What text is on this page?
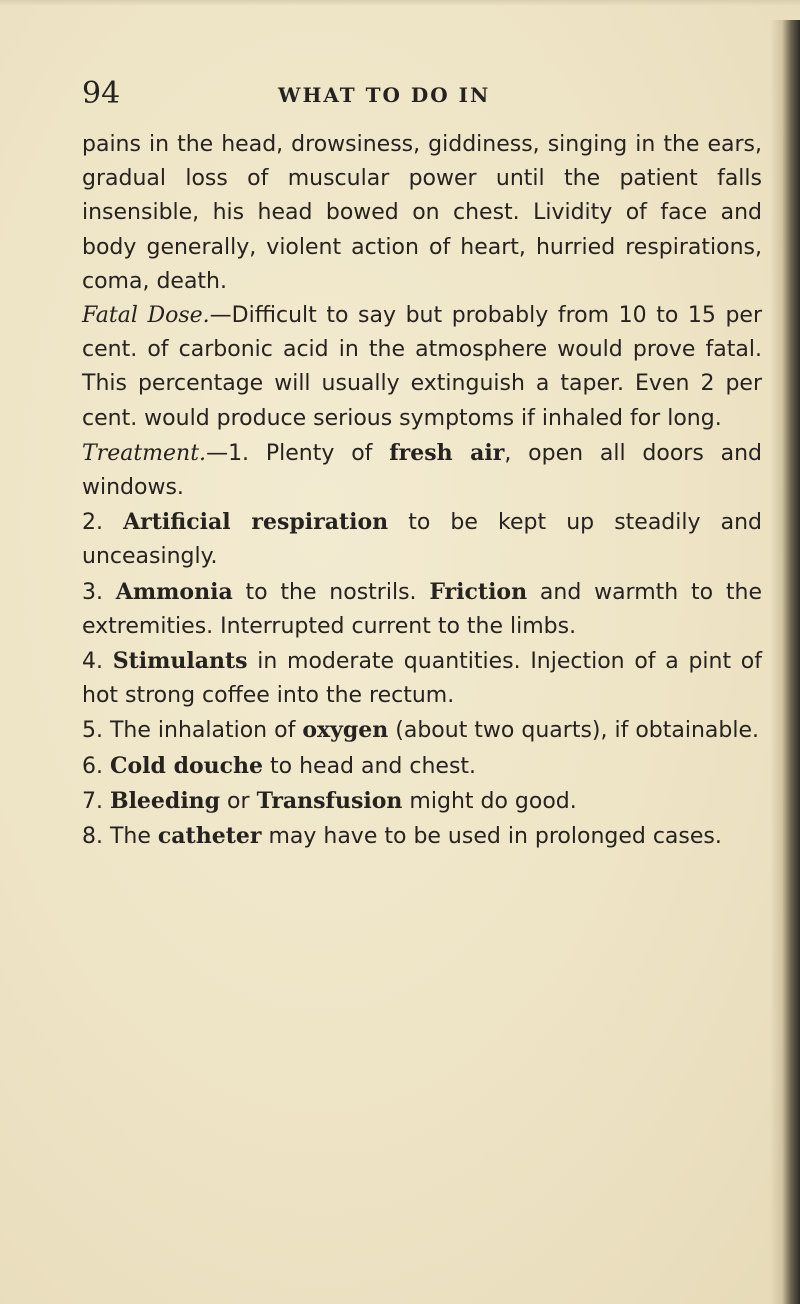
94	WHAT TO DO IN

pains in the head, drowsiness, giddiness, singing in the ears, gradual loss of muscular power until the patient falls insensible, his head bowed on chest. Lividity of face and body generally, violent action of heart, hurried respirations, coma, death.

Fatal Dose.—Difficult to say but probably from 10 to 15 per cent. of carbonic acid in the atmosphere would prove fatal. This percentage will usually extinguish a taper. Even 2 per cent. would produce serious symptoms if inhaled for long.

Treatment.—1. Plenty of fresh air, open all doors and windows.

2. Artificial respiration to be kept up steadily and unceasingly.

3. Ammonia to the nostrils. Friction and warmth to the extremities. Interrupted current to the limbs.

4. Stimulants in moderate quantities. Injection of a pint of hot strong coffee into the rectum.

5. The inhalation of oxygen (about two quarts), if obtainable.

6. Cold douche to head and chest.

7. Bleeding or Transfusion might do good.

8. The catheter may have to be used in prolonged cases.
